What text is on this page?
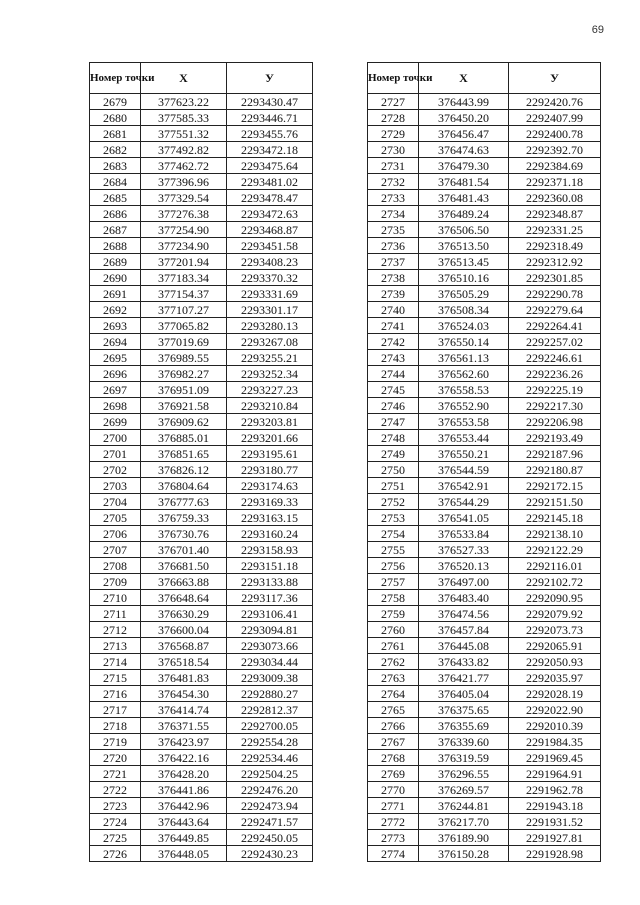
69
Номер точки	X	У
2679	377623.22	2293430.47
2680	377585.33	2293446.71
2681	377551.32	2293455.76
2682	377492.82	2293472.18
2683	377462.72	2293475.64
2684	377396.96	2293481.02
2685	377329.54	2293478.47
2686	377276.38	2293472.63
2687	377254.90	2293468.87
2688	377234.90	2293451.58
2689	377201.94	2293408.23
2690	377183.34	2293370.32
2691	377154.37	2293331.69
2692	377107.27	2293301.17
2693	377065.82	2293280.13
2694	377019.69	2293267.08
2695	376989.55	2293255.21
2696	376982.27	2293252.34
2697	376951.09	2293227.23
2698	376921.58	2293210.84
2699	376909.62	2293203.81
2700	376885.01	2293201.66
2701	376851.65	2293195.61
2702	376826.12	2293180.77
2703	376804.64	2293174.63
2704	376777.63	2293169.33
2705	376759.33	2293163.15
2706	376730.76	2293160.24
2707	376701.40	2293158.93
2708	376681.50	2293151.18
2709	376663.88	2293133.88
2710	376648.64	2293117.36
2711	376630.29	2293106.41
2712	376600.04	2293094.81
2713	376568.87	2293073.66
2714	376518.54	2293034.44
2715	376481.83	2293009.38
2716	376454.30	2292880.27
2717	376414.74	2292812.37
2718	376371.55	2292700.05
2719	376423.97	2292554.28
2720	376422.16	2292534.46
2721	376428.20	2292504.25
2722	376441.86	2292476.20
2723	376442.96	2292473.94
2724	376443.64	2292471.57
2725	376449.85	2292450.05
2726	376448.05	2292430.23
Номер точки	X	У
2727	376443.99	2292420.76
2728	376450.20	2292407.99
2729	376456.47	2292400.78
2730	376474.63	2292392.70
2731	376479.30	2292384.69
2732	376481.54	2292371.18
2733	376481.43	2292360.08
2734	376489.24	2292348.87
2735	376506.50	2292331.25
2736	376513.50	2292318.49
2737	376513.45	2292312.92
2738	376510.16	2292301.85
2739	376505.29	2292290.78
2740	376508.34	2292279.64
2741	376524.03	2292264.41
2742	376550.14	2292257.02
2743	376561.13	2292246.61
2744	376562.60	2292236.26
2745	376558.53	2292225.19
2746	376552.90	2292217.30
2747	376553.58	2292206.98
2748	376553.44	2292193.49
2749	376550.21	2292187.96
2750	376544.59	2292180.87
2751	376542.91	2292172.15
2752	376544.29	2292151.50
2753	376541.05	2292145.18
2754	376533.84	2292138.10
2755	376527.33	2292122.29
2756	376520.13	2292116.01
2757	376497.00	2292102.72
2758	376483.40	2292090.95
2759	376474.56	2292079.92
2760	376457.84	2292073.73
2761	376445.08	2292065.91
2762	376433.82	2292050.93
2763	376421.77	2292035.97
2764	376405.04	2292028.19
2765	376375.65	2292022.90
2766	376355.69	2292010.39
2767	376339.60	2291984.35
2768	376319.59	2291969.45
2769	376296.55	2291964.91
2770	376269.57	2291962.78
2771	376244.81	2291943.18
2772	376217.70	2291931.52
2773	376189.90	2291927.81
2774	376150.28	2291928.98
